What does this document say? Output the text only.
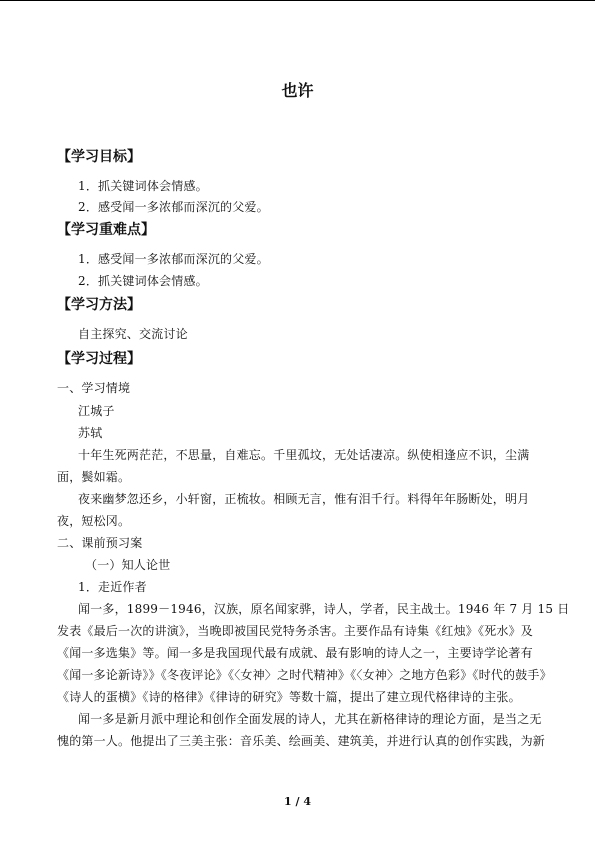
也许
【学习目标】
1．抓关键词体会情感。
2．感受闻一多浓郁而深沉的父爱。
【学习重难点】
1．感受闻一多浓郁而深沉的父爱。
2．抓关键词体会情感。
【学习方法】
自主探究、交流讨论
【学习过程】
一、学习情境
江城子
苏轼
十年生死两茫茫，不思量，自难忘。千里孤坟，无处话凄凉。纵使相逢应不识，尘满
面，鬓如霜。
夜来幽梦忽还乡，小轩窗，正梳妆。相顾无言，惟有泪千行。料得年年肠断处，明月
夜，短松冈。
二、课前预习案
（一）知人论世
1．走近作者
闻一多，1899－1946，汉族，原名闻家骅，诗人，学者，民主战士。1946 年 7 月 15 日
发表《最后一次的讲演》，当晚即被国民党特务杀害。主要作品有诗集《红烛》《死水》及
《闻一多选集》等。闻一多是我国现代最有成就、最有影响的诗人之一，主要诗学论著有
《闻一多论新诗》》《冬夜评论》《〈女神〉之时代精神》《〈女神〉之地方色彩》《时代的鼓手》
《诗人的蛋横》《诗的格律》《律诗的研究》等数十篇，提出了建立现代格律诗的主张。
闻一多是新月派中理论和创作全面发展的诗人，尤其在新格律诗的理论方面，是当之无
愧的第一人。他提出了三美主张：音乐美、绘画美、建筑美，并进行认真的创作实践，为新
1 / 4
